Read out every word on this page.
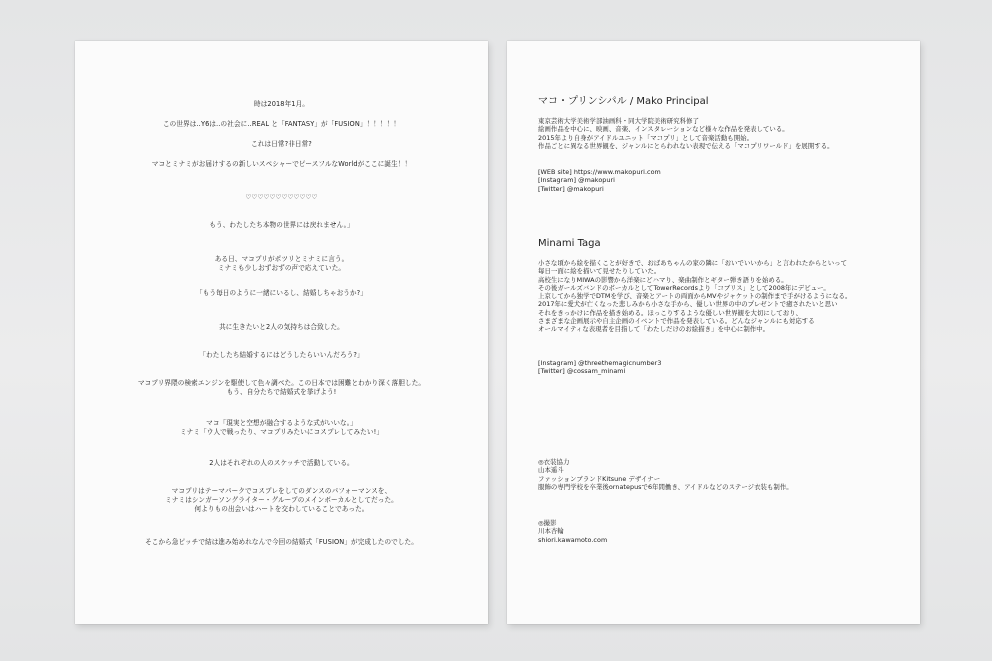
時は2018年1月。
この世界は‥Y6は‥の社会に‥REAL と「FANTASY」が「FUSION」！！！！！
これは日常?非日常?
マコとミナミがお届けするの新しいスペシャーでピースフルなWorldがここに誕生！！
♡♡♡♡♡♡♡♡♡♡♡♡
もう、わたしたち本物の世界には戻れません。」
ある日、マコプリがポツリとミナミに言う。
ミナミも少しおずおずの声で応えていた。
「もう毎日のように一緒にいるし、結婚しちゃおうか?」
共に生きたいと2人の気持ちは合致した。
「わたしたち結婚するにはどうしたらいいんだろう?」
マコプリ界隈の検索エンジンを駆使して色々調べた。この日本では困難とわかり深く落胆した。
もう、自分たちで結婚式を挙げよう!
マコ「現実と空想が融合するような式がいいな。」
ミナミ「ウ人で戦ったり、マコプリみたいにコスプレしてみたい!」
2人はそれぞれの人のスケッチで活動している。
マコプリはテーマパークでコスプレをしてのダンスのパフォーマンスを、
ミナミはシンガーソングライター・グループのメインボーカルとしてだった。
何よりもの出会いはハートを交わしていることであった。
そこから急ピッチで結は進み始めれなんで今回の結婚式「FUSION」が完成したのでした。
マコ・プリンシパル / Mako Principal
東京芸術大学美術学部油画科・同大学院美術研究科修了
絵画作品を中心に、映画、音楽、インスタレーションなど様々な作品を発表している。
2015年より自身がアイドルユニット「マコプリ」として音楽活動も開始。
作品ごとに異なる世界観を、ジャンルにとらわれない表現で伝える「マコプリワールド」を展開する。
[WEB site] https://www.makopuri.com
[Instagram] @makopuri
[Twitter] @makopuri
Minami Taga
小さな頃から絵を描くことが好きで、おばあちゃんの家の隣に「おいでいいから」と言われたからといって
毎日一面に絵を描いて見せたりしていた。
高校生になりMIWAの影響から洋楽にどハマり、楽曲制作とギター弾き語りを始める。
その後ガールズバンドのボーカルとしてTowerRecordsより「コブリス」として2008年にデビュー。
上京してから独学でDTMを学び、音楽とアートの両面からMVやジャケットの制作まで手がけるようになる。
2017年に愛犬が亡くなった悲しみから小さな手から、優しい世界の中のプレゼントで癒されたいと思い
それをきっかけに作品を描き始める。ほっこりするような優しい世界観を大切にしており、
さまざまな企画展示や自主企画のイベントで作品を発表している。どんなジャンルにも対応する
オールマイティな表現者を目指して「わたしだけのお絵描き」を中心に制作中。
[Instagram] @threethemagicnumber3
[Twitter] @cossam_minami
◎衣装協力
山本遥斗
ファッションブランドKitsune デザイナー
服飾の専門学校を卒業後ornatepusで6年間働き、アイドルなどのステージ衣装も制作。
◎撮影
川本杏輪
shiori.kawamoto.com
